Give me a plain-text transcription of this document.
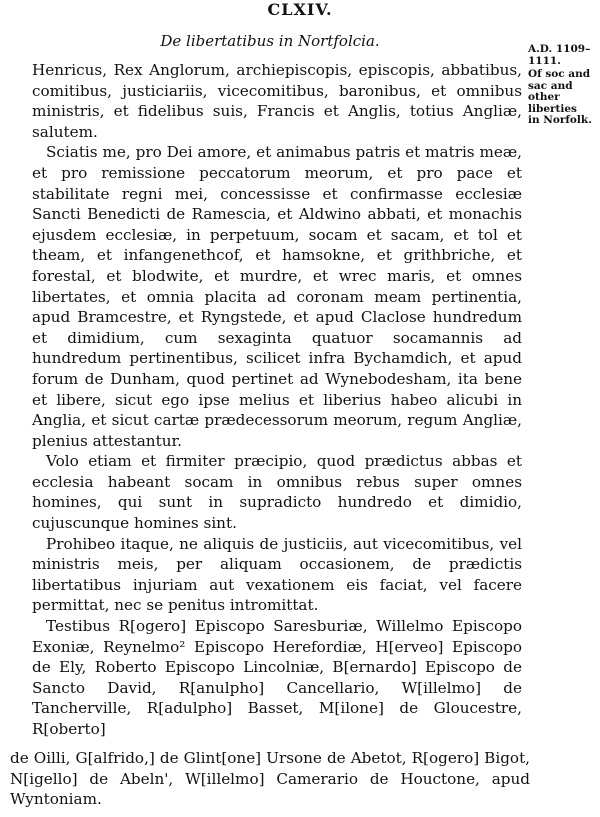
CLXIV.
De libertatibus in Nortfolcia.	A.D. 1109–1111.
Of soc and sac and other liberties in Norfolk.

Henricus, Rex Anglorum, archiepiscopis, episcopis, abbatibus, comitibus, justiciariis, vicecomitibus, baronibus, et omnibus ministris, et fidelibus suis, Francis et Anglis, totius Angliæ, salutem.

Sciatis me, pro Dei amore, et animabus patris et matris meæ, et pro remissione peccatorum meorum, et pro pace et stabilitate regni mei, concessisse et confirmasse ecclesiæ Sancti Benedicti de Ramescia, et Aldwino abbati, et monachis ejusdem ecclesiæ, in perpetuum, socam et sacam, et tol et theam, et infangenethcof, et hamsokne, et grithbriche, et forestal, et blodwite, et murdre, et wrec maris, et omnes libertates, et omnia placita ad coronam meam pertinentia, apud Bramcestre, et Ryngstede, et apud Claclose hundredum et dimidium, cum sexaginta quatuor socamannis ad hundredum pertinentibus, scilicet infra Bychamdich, et apud forum de Dunham, quod pertinet ad Wynebodesham, ita bene et libere, sicut ego ipse melius et liberius habeo alicubi in Anglia, et sicut cartæ prædecessorum meorum, regum Angliæ, plenius attestantur.

Volo etiam et firmiter præcipio, quod prædictus abbas et ecclesia habeant socam in omnibus rebus super omnes homines, qui sunt in supradicto hundredo et dimidio, cujuscunque homines sint.

Prohibeo itaque, ne aliquis de justiciis, aut vicecomitibus, vel ministris meis, per aliquam occasionem, de prædictis libertatibus injuriam aut vexationem eis faciat, vel facere permittat, nec se penitus intromittat.

Testibus R[ogero] Episcopo Saresburiæ, Willelmo Episcopo Exoniæ, Reynelmo² Episcopo Herefordiæ, H[erveo] Episcopo de Ely, Roberto Episcopo Lincolniæ, B[ernardo] Episcopo de Sancto David, R[anulpho] Cancellario, W[illelmo] de Tancherville, R[adulpho] Basset, M[ilone] de Gloucestre, R[oberto]

de Oilli, G[alfrido,] de Glint[one] Ursone de Abetot, R[ogero] Bigot, N[igello] de Abeln', W[illelmo] Camerario de Houctone, apud Wyntoniam.
